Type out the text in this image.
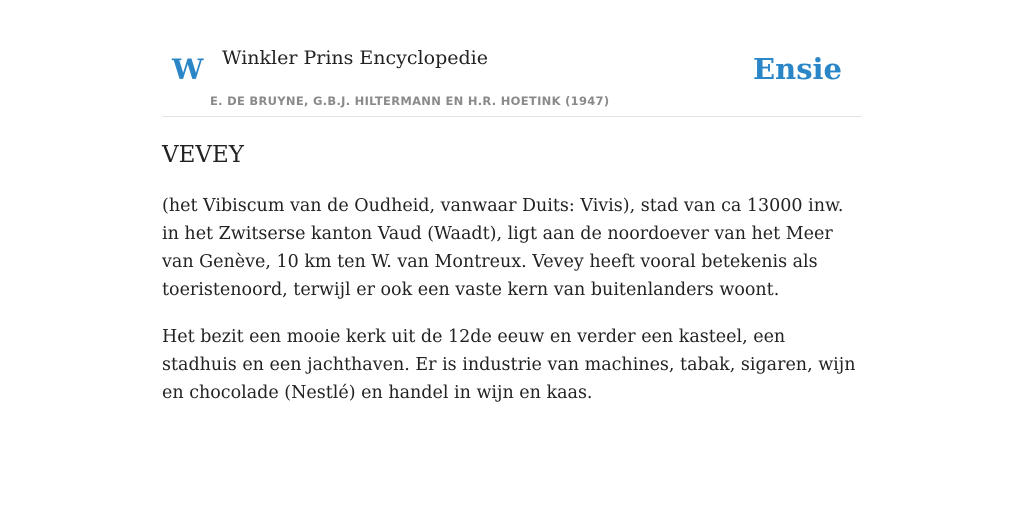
W Winkler Prins Encyclopedie
E. DE BRUYNE, G.B.J. HILTERMANN EN H.R. HOETINK (1947)
Ensie
VEVEY

(het Vibiscum van de Oudheid, vanwaar Duits: Vivis), stad van ca 13000 inw. in het Zwitserse kanton Vaud (Waadt), ligt aan de noordoever van het Meer van Genève, 10 km ten W. van Montreux. Vevey heeft vooral betekenis als toeristenoord, terwijl er ook een vaste kern van buitenlanders woont.

Het bezit een mooie kerk uit de 12de eeuw en verder een kasteel, een stadhuis en een jachthaven. Er is industrie van machines, tabak, sigaren, wijn en chocolade (Nestlé) en handel in wijn en kaas.
